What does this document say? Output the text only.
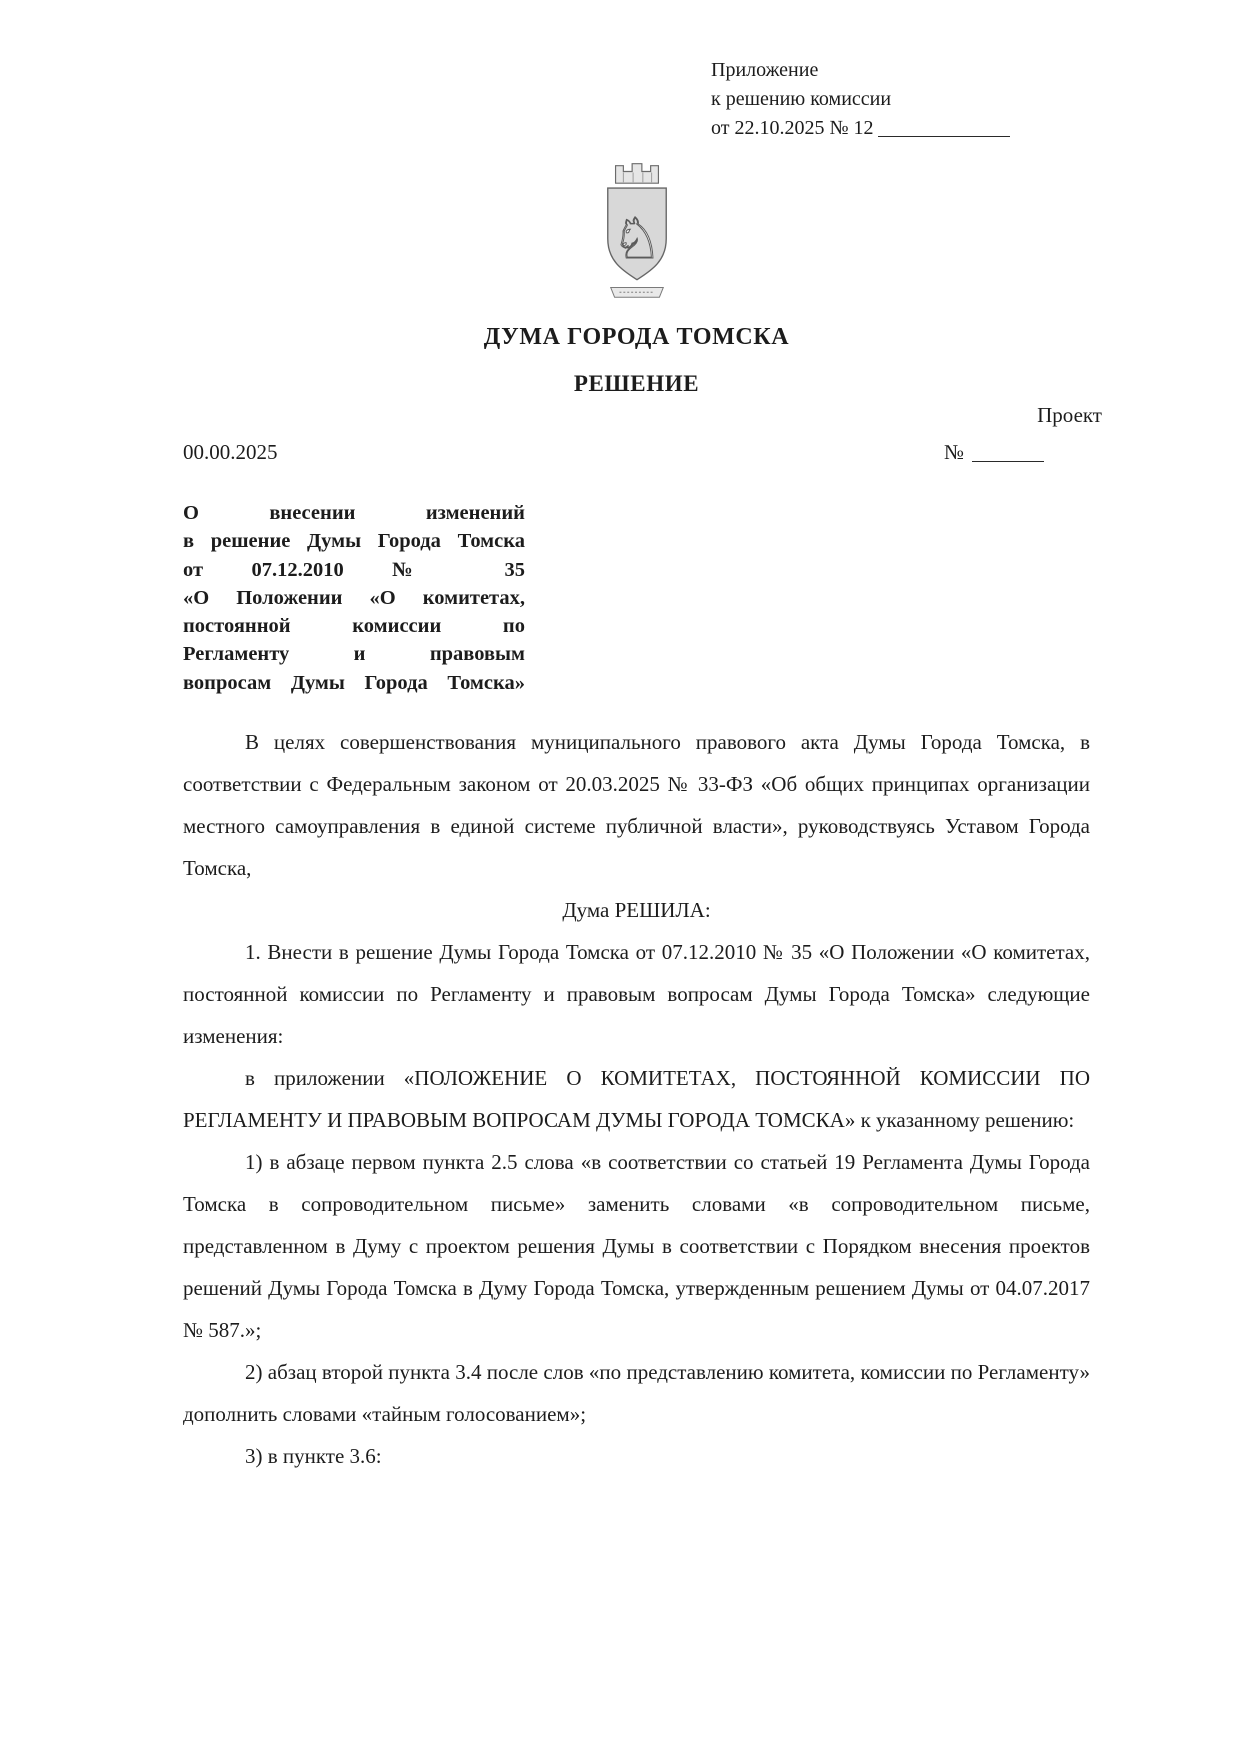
Приложение
к решению комиссии
от 22.10.2025 № 12
♘
ДУМА ГОРОДА ТОМСКА
РЕШЕНИЕ
Проект
00.00.2025	№
О внесении изменений
в решение Думы Города Томска
от 07.12.2010 № 35
«О Положении «О комитетах,
постоянной комиссии по
Регламенту и правовым
вопросам Думы Города Томска»

В целях совершенствования муниципального правового акта Думы Города Томска, в соответствии с Федеральным законом от 20.03.2025 № 33-ФЗ «Об общих принципах организации местного самоуправления в единой системе публичной власти», руководствуясь Уставом Города Томска,

Дума РЕШИЛА:

1. Внести в решение Думы Города Томска от 07.12.2010 № 35 «О Положении «О комитетах, постоянной комиссии по Регламенту и правовым вопросам Думы Города Томска» следующие изменения:

в приложении «ПОЛОЖЕНИЕ О КОМИТЕТАХ, ПОСТОЯННОЙ КОМИССИИ ПО РЕГЛАМЕНТУ И ПРАВОВЫМ ВОПРОСАМ ДУМЫ ГОРОДА ТОМСКА» к указанному решению:

1) в абзаце первом пункта 2.5 слова «в соответствии со статьей 19 Регламента Думы Города Томска в сопроводительном письме» заменить словами «в сопроводительном письме, представленном в Думу с проектом решения Думы в соответствии с Порядком внесения проектов решений Думы Города Томска в Думу Города Томска, утвержденным решением Думы от 04.07.2017 № 587.»;

2) абзац второй пункта 3.4 после слов «по представлению комитета, комиссии по Регламенту» дополнить словами «тайным голосованием»;

3) в пункте 3.6:
